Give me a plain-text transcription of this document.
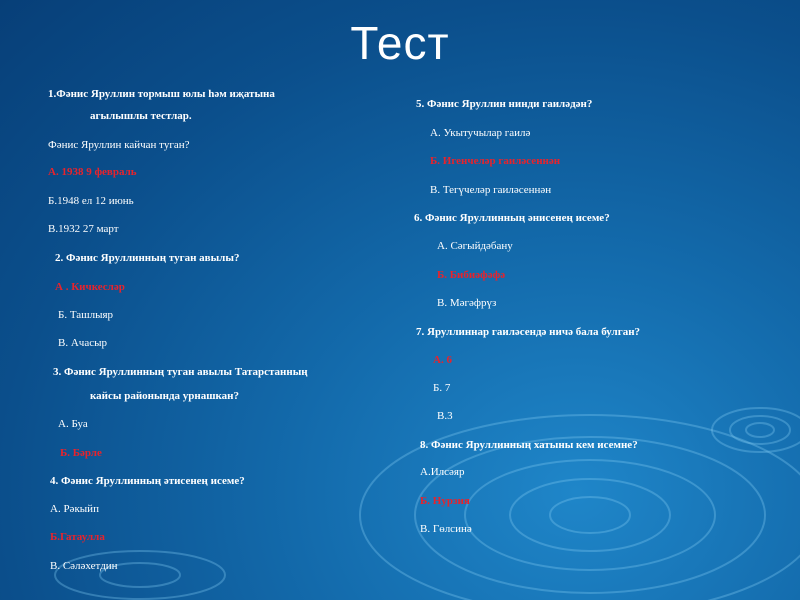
Тест
1.Фәнис Яруллин тормыш юлы һәм иҗатына
агылышлы тестлар.
Фәнис Яруллин кайчан туган?
А. 1938 9 февраль
Б.1948 ел 12 июнь
В.1932 27 март
2. Фәнис Яруллинның туган авылы?
А . Кичкесләр
Б. Ташлыяр
В. Ачасыр
3. Фәнис Яруллинның туган авылы Татарстанның
кайсы районында урнашкан?
А. Буа
Б. Бәрле
4. Фәнис Яруллинның әтисенең исеме?
А. Рәкыйп
Б.Гатаулла
В. Сәләхетдин
5. Фәнис Яруллин нинди гаиләдән?
А. Укытучылар гаилә
Б. Игенчеләр гаиләсеннән
В. Тегүчеләр гаиләсеннән
6. Фәнис Яруллинның әнисенең исеме?
А. Сәгыйдәбану
Б. Бибиәфәфә
В. Мәгәфрүз
7. Яруллиннар гаиләсендә ничә бала булган?
А. 6
Б. 7
В.3
8. Фәнис Яруллинның хатыны кем исемне?
А.Илсәяр
Б. Нурзия
В. Гөлсинә
